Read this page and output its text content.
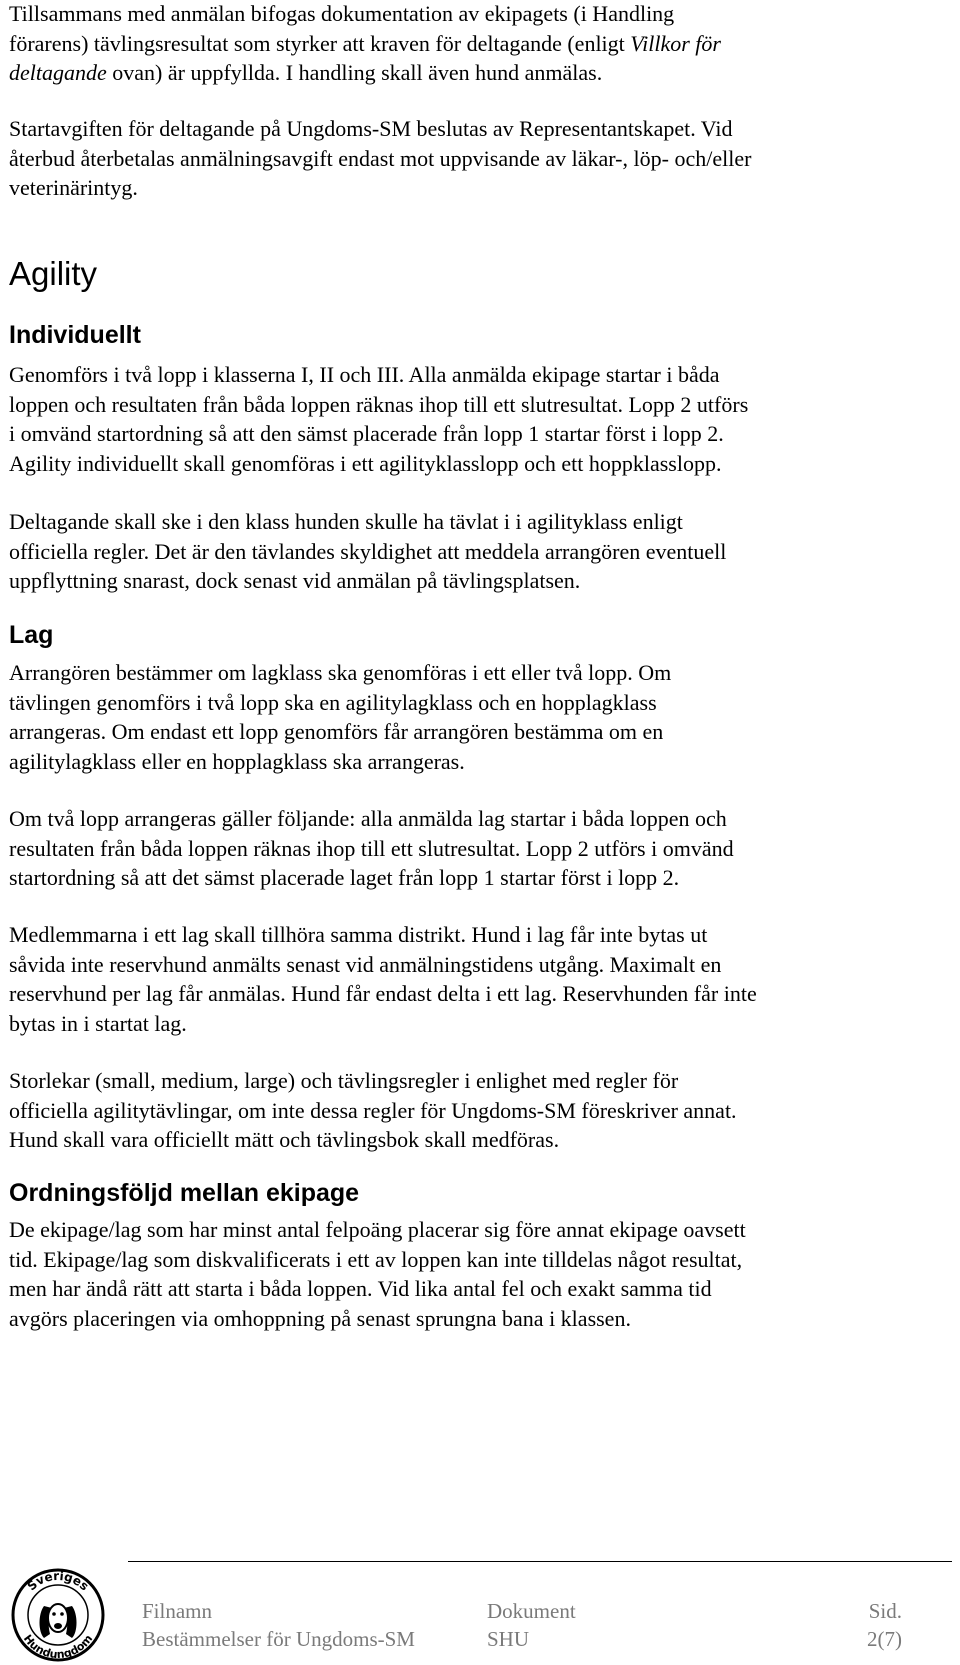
Tillsammans med anmälan bifogas dokumentation av ekipagets (i Handling
förarens) tävlingsresultat som styrker att kraven för deltagande (enligt Villkor för
deltagande ovan) är uppfyllda. I handling skall även hund anmälas.

Startavgiften för deltagande på Ungdoms-SM beslutas av Representantskapet. Vid
återbud återbetalas anmälningsavgift endast mot uppvisande av läkar-, löp- och/eller
veterinärintyg.

Agility
Individuellt

Genomförs i två lopp i klasserna I, II och III. Alla anmälda ekipage startar i båda
loppen och resultaten från båda loppen räknas ihop till ett slutresultat. Lopp 2 utförs
i omvänd startordning så att den sämst placerade från lopp 1 startar först i lopp 2.
Agility individuellt skall genomföras i ett agilityklasslopp och ett hoppklasslopp.

Deltagande skall ske i den klass hunden skulle ha tävlat i i agilityklass enligt
officiella regler. Det är den tävlandes skyldighet att meddela arrangören eventuell
uppflyttning snarast, dock senast vid anmälan på tävlingsplatsen.

Lag

Arrangören bestämmer om lagklass ska genomföras i ett eller två lopp. Om
tävlingen genomförs i två lopp ska en agilitylagklass och en hopplagklass
arrangeras. Om endast ett lopp genomförs får arrangören bestämma om en
agilitylagklass eller en hopplagklass ska arrangeras.

Om två lopp arrangeras gäller följande: alla anmälda lag startar i båda loppen och
resultaten från båda loppen räknas ihop till ett slutresultat. Lopp 2 utförs i omvänd
startordning så att det sämst placerade laget från lopp 1 startar först i lopp 2.

Medlemmarna i ett lag skall tillhöra samma distrikt. Hund i lag får inte bytas ut
såvida inte reservhund anmälts senast vid anmälningstidens utgång. Maximalt en
reservhund per lag får anmälas. Hund får endast delta i ett lag. Reservhunden får inte
bytas in i startat lag.

Storlekar (small, medium, large) och tävlingsregler i enlighet med regler för
officiella agilitytävlingar, om inte dessa regler för Ungdoms-SM föreskriver annat.
Hund skall vara officiellt mätt och tävlingsbok skall medföras.

Ordningsföljd mellan ekipage

De ekipage/lag som har minst antal felpoäng placerar sig före annat ekipage oavsett
tid. Ekipage/lag som diskvalificerats i ett av loppen kan inte tilldelas något resultat,
men har ändå rätt att starta i båda loppen. Vid lika antal fel och exakt samma tid
avgörs placeringen via omhoppning på senast sprungna bana i klassen.

Sveriges
Hundungdom
Filnamn
Bestämmelser för Ungdoms-SM
Dokument
SHU
Sid.
2(7)
